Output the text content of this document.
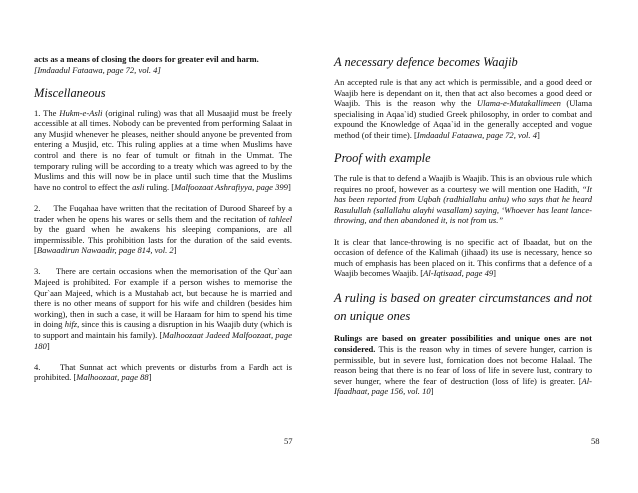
acts as a means of closing the doors for greater evil and harm.
[Imdaadul Fataawa, page 72, vol. 4]

Miscellaneous

1. The Hukm-e-Asli (original ruling) was that all Musaajid must be freely accessible at all times. Nobody can be prevented from performing Salaat in any Musjid whenever he pleases, neither should anyone be prevented from entering a Musjid, etc. This ruling applies at a time when Muslims have control and there is no fear of tumult or fitnah in the Ummat. The temporary ruling will be according to a treaty which was agreed to by the Muslims and this will now be in place until such time that the Muslims have no control to effect the asli ruling. [Malfoozaat Ashrafiyya, page 399]

2.     The Fuqahaa have written that the recitation of Durood Shareef by a trader when he opens his wares or sells them and the recitation of tahleel by the guard when he awakens his sleeping companions, are all impermissible. This prohibition lasts for the duration of the said events. [Bawaadirun Nawaadir, page 814, vol. 2]

3.     There are certain occasions when the memorisation of the Qur`aan Majeed is prohibited. For example if a person wishes to memorise the Qur`aan Majeed, which is a Mustahab act, but because he is married and there is no other means of support for his wife and children (besides him working), then in such a case, it will be Haraam for him to spend his time in doing hifz, since this is causing a disruption in his Waajib duty (which is to support and maintain his family). [Malhoozaat Jadeed Malfoozaat, page 180]

4.     That Sunnat act which prevents or disturbs from a Fardh act is prohibited. [Malhoozaat, page 88]

57
A necessary defence becomes Waajib

An accepted rule is that any act which is permissible, and a good deed or Waajib here is dependant on it, then that act also becomes a good deed or Waajib. This is the reason why the Ulama-e-Mutakallimeen (Ulama specialising in Aqaa`id) studied Greek philosophy, in order to combat and expound the Knowledge of Aqaa`id in the generally accepted and vogue method (of their time). [Imdaadul Fataawa, page 72, vol. 4]

Proof with example

The rule is that to defend a Waajib is Waajib. This is an obvious rule which requires no proof, however as a courtesy we will mention one Hadith, “It has been reported from Uqbah (radhiallahu anhu) who says that he heard Rasulullah (sallallahu alayhi wasallam) saying, ‘Whoever has leant lance-throwing, and then abandoned it, is not from us.”

It is clear that lance-throwing is no specific act of Ibaadat, but on the occasion of defence of the Kalimah (jihaad) its use is necessary, hence so much of emphasis has been placed on it. This confirms that a defence of a Waajib becomes Waajib. [Al-Iqtisaad, page 49]

A ruling is based on greater circumstances and not on unique ones

Rulings are based on greater possibilities and unique ones are not considered. This is the reason why in times of severe hunger, carrion is permissible, but in severe lust, fornication does not become Halaal. The reason being that there is no fear of loss of life in severe lust, contrary to sever hunger, where the fear of destruction (loss of life) is greater. [Al-Ifaadhaat, page 156, vol. 10]

58
